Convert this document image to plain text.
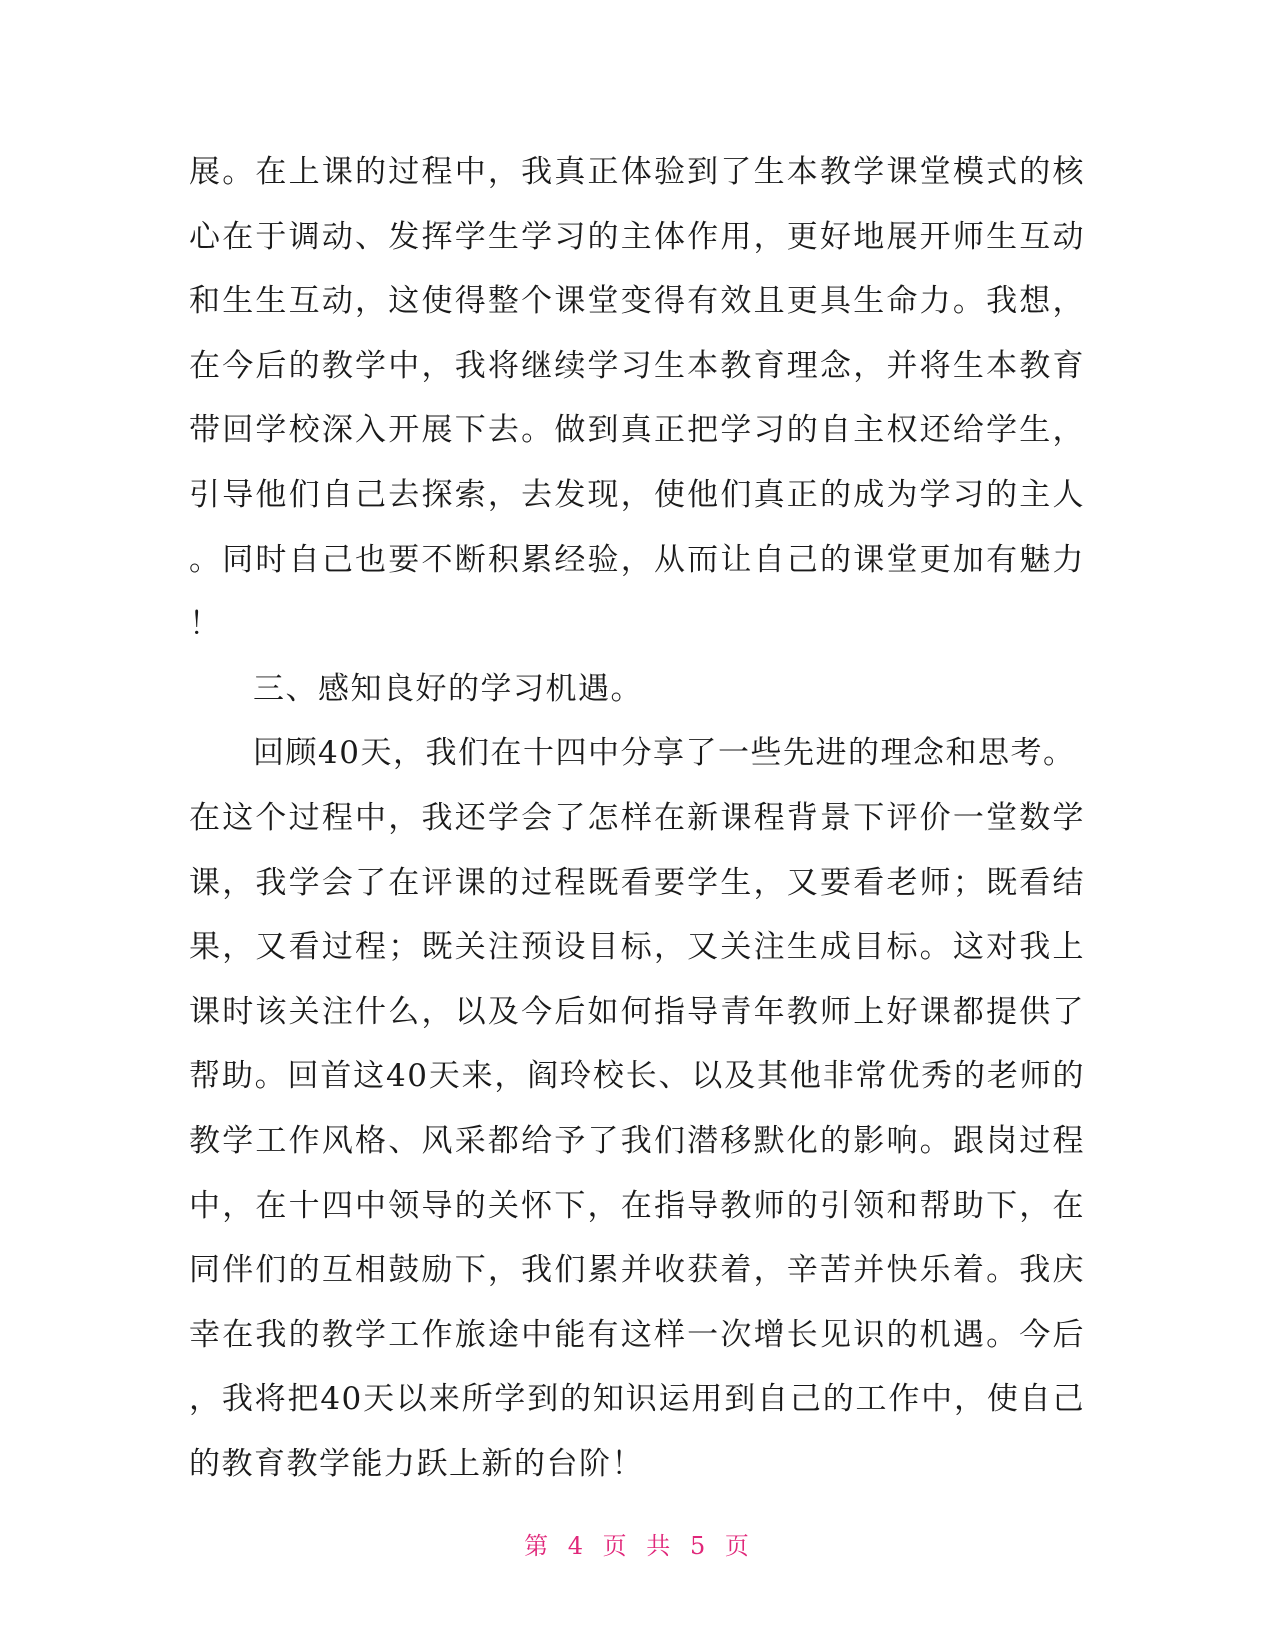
展。在上课的过程中，我真正体验到了生本教学课堂模式的核
心在于调动、发挥学生学习的主体作用，更好地展开师生互动
和生生互动，这使得整个课堂变得有效且更具生命力。我想，
在今后的教学中，我将继续学习生本教育理念，并将生本教育
带回学校深入开展下去。做到真正把学习的自主权还给学生，
引导他们自己去探索，去发现，使他们真正的成为学习的主人
。同时自己也要不断积累经验，从而让自己的课堂更加有魅力
！
三、感知良好的学习机遇。
回顾40天，我们在十四中分享了一些先进的理念和思考。
在这个过程中，我还学会了怎样在新课程背景下评价一堂数学
课，我学会了在评课的过程既看要学生，又要看老师；既看结
果，又看过程；既关注预设目标，又关注生成目标。这对我上
课时该关注什么，以及今后如何指导青年教师上好课都提供了
帮助。回首这40天来，阎玲校长、以及其他非常优秀的老师的
教学工作风格、风采都给予了我们潜移默化的影响。跟岗过程
中，在十四中领导的关怀下，在指导教师的引领和帮助下，在
同伴们的互相鼓励下，我们累并收获着，辛苦并快乐着。我庆
幸在我的教学工作旅途中能有这样一次增长见识的机遇。今后
，我将把40天以来所学到的知识运用到自己的工作中，使自己
的教育教学能力跃上新的台阶！
第 4 页 共 5 页
